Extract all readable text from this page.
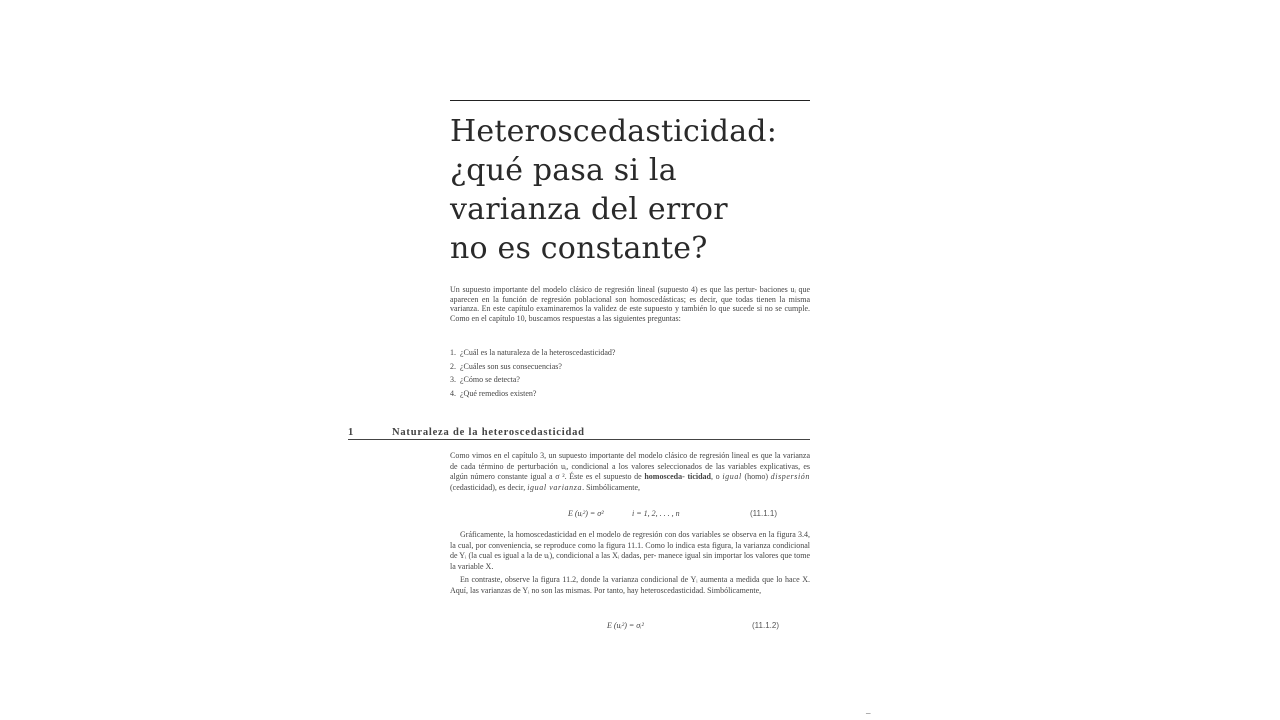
Heteroscedasticidad:
¿qué pasa si la
varianza del error
no es constante?

Un supuesto importante del modelo clásico de regresión lineal (supuesto 4) es que las pertur- baciones uᵢ que aparecen en la función de regresión poblacional son homoscedásticas; es decir, que todas tienen la misma varianza. En este capítulo examinaremos la validez de este supuesto y también lo que sucede si no se cumple. Como en el capítulo 10, buscamos respuestas a las siguientes preguntas:

1. ¿Cuál es la naturaleza de la heteroscedasticidad?
2. ¿Cuáles son sus consecuencias?
3. ¿Cómo se detecta?
4. ¿Qué remedios existen?
1	Naturaleza de la heteroscedasticidad

Como vimos en el capítulo 3, un supuesto importante del modelo clásico de regresión lineal es que la varianza de cada término de perturbación uᵢ, condicional a los valores seleccionados de las variables explicativas, es algún número constante igual a σ ². Éste es el supuesto de homosceda- ticidad, o igual (homo) dispersión (cedasticidad), es decir, igual varianza. Simbólicamente,

E (uᵢ²) = σ²	i = 1, 2, . . . , n	(11.1.1)

Gráficamente, la homoscedasticidad en el modelo de regresión con dos variables se observa en la figura 3.4, la cual, por conveniencia, se reproduce como la figura 11.1. Como lo indica esta figura, la varianza condicional de Yᵢ (la cual es igual a la de uᵢ), condicional a las Xᵢ dadas, per- manece igual sin importar los valores que tome la variable X.

En contraste, observe la figura 11.2, donde la varianza condicional de Yᵢ aumenta a medida que lo hace X. Aquí, las varianzas de Yᵢ no son las mismas. Por tanto, hay heteroscedasticidad. Simbólicamente,

E (uᵢ²) = σᵢ²	(11.1.2)
–
